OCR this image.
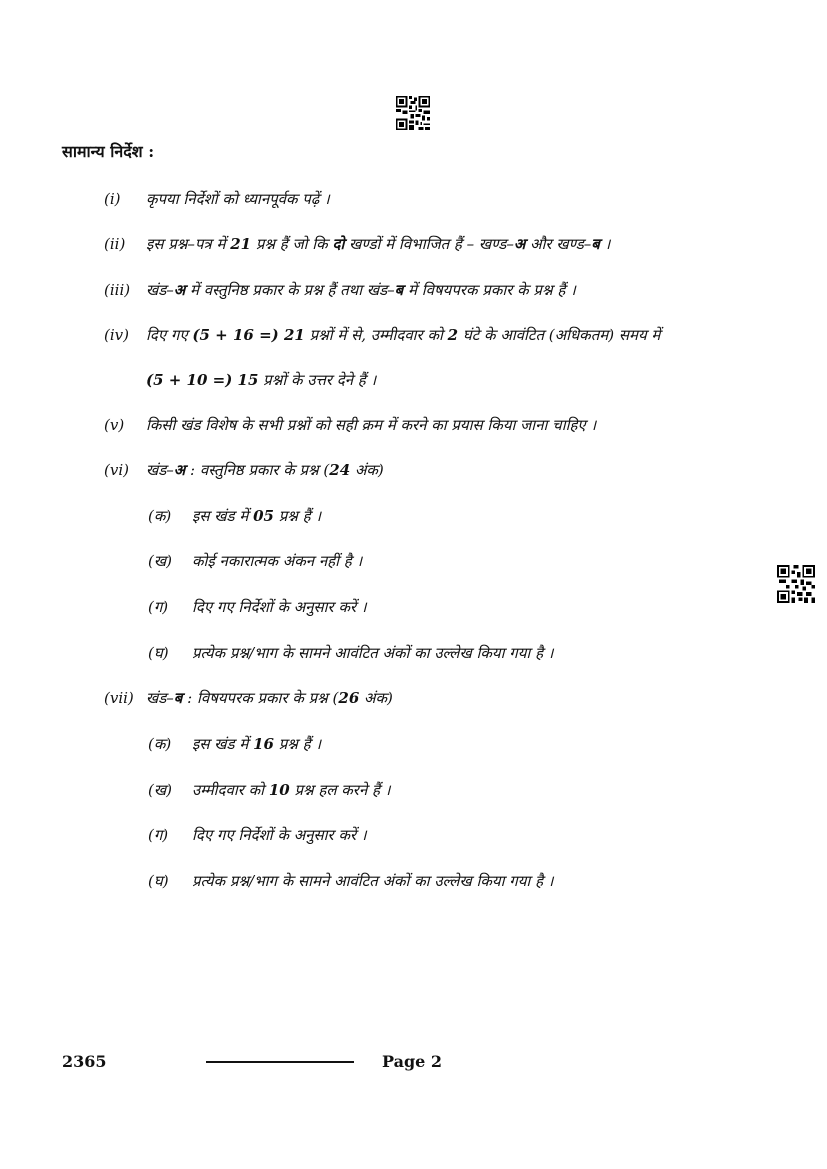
सामान्य निर्देश :
(i) कृपया निर्देशों को ध्यानपूर्वक पढ़ें ।
(ii) इस प्रश्न–पत्र में 21 प्रश्न हैं जो कि दो खण्डों में विभाजित हैं – खण्ड–अ और खण्ड–ब ।
(iii) खंड–अ में वस्तुनिष्ठ प्रकार के प्रश्न हैं तथा खंड–ब में विषयपरक प्रकार के प्रश्न हैं ।
(iv) दिए गए (5 + 16 =) 21 प्रश्नों में से, उम्मीदवार को 2 घंटे के आवंटित (अधिकतम) समय में
(5 + 10 =) 15 प्रश्नों के उत्तर देने हैं ।
(v) किसी खंड विशेष के सभी प्रश्नों को सही क्रम में करने का प्रयास किया जाना चाहिए ।
(vi) खंड–अ : वस्तुनिष्ठ प्रकार के प्रश्न (24 अंक)
(क) इस खंड में 05 प्रश्न हैं ।
(ख) कोई नकारात्मक अंकन नहीं है ।
(ग) दिए गए निर्देशों के अनुसार करें ।
(घ) प्रत्येक प्रश्न/भाग के सामने आवंटित अंकों का उल्लेख किया गया है ।
(vii) खंड–ब : विषयपरक प्रकार के प्रश्न (26 अंक)
(क) इस खंड में 16 प्रश्न हैं ।
(ख) उम्मीदवार को 10 प्रश्न हल करने हैं ।
(ग) दिए गए निर्देशों के अनुसार करें ।
(घ) प्रत्येक प्रश्न/भाग के सामने आवंटित अंकों का उल्लेख किया गया है ।
2365	Page 2
